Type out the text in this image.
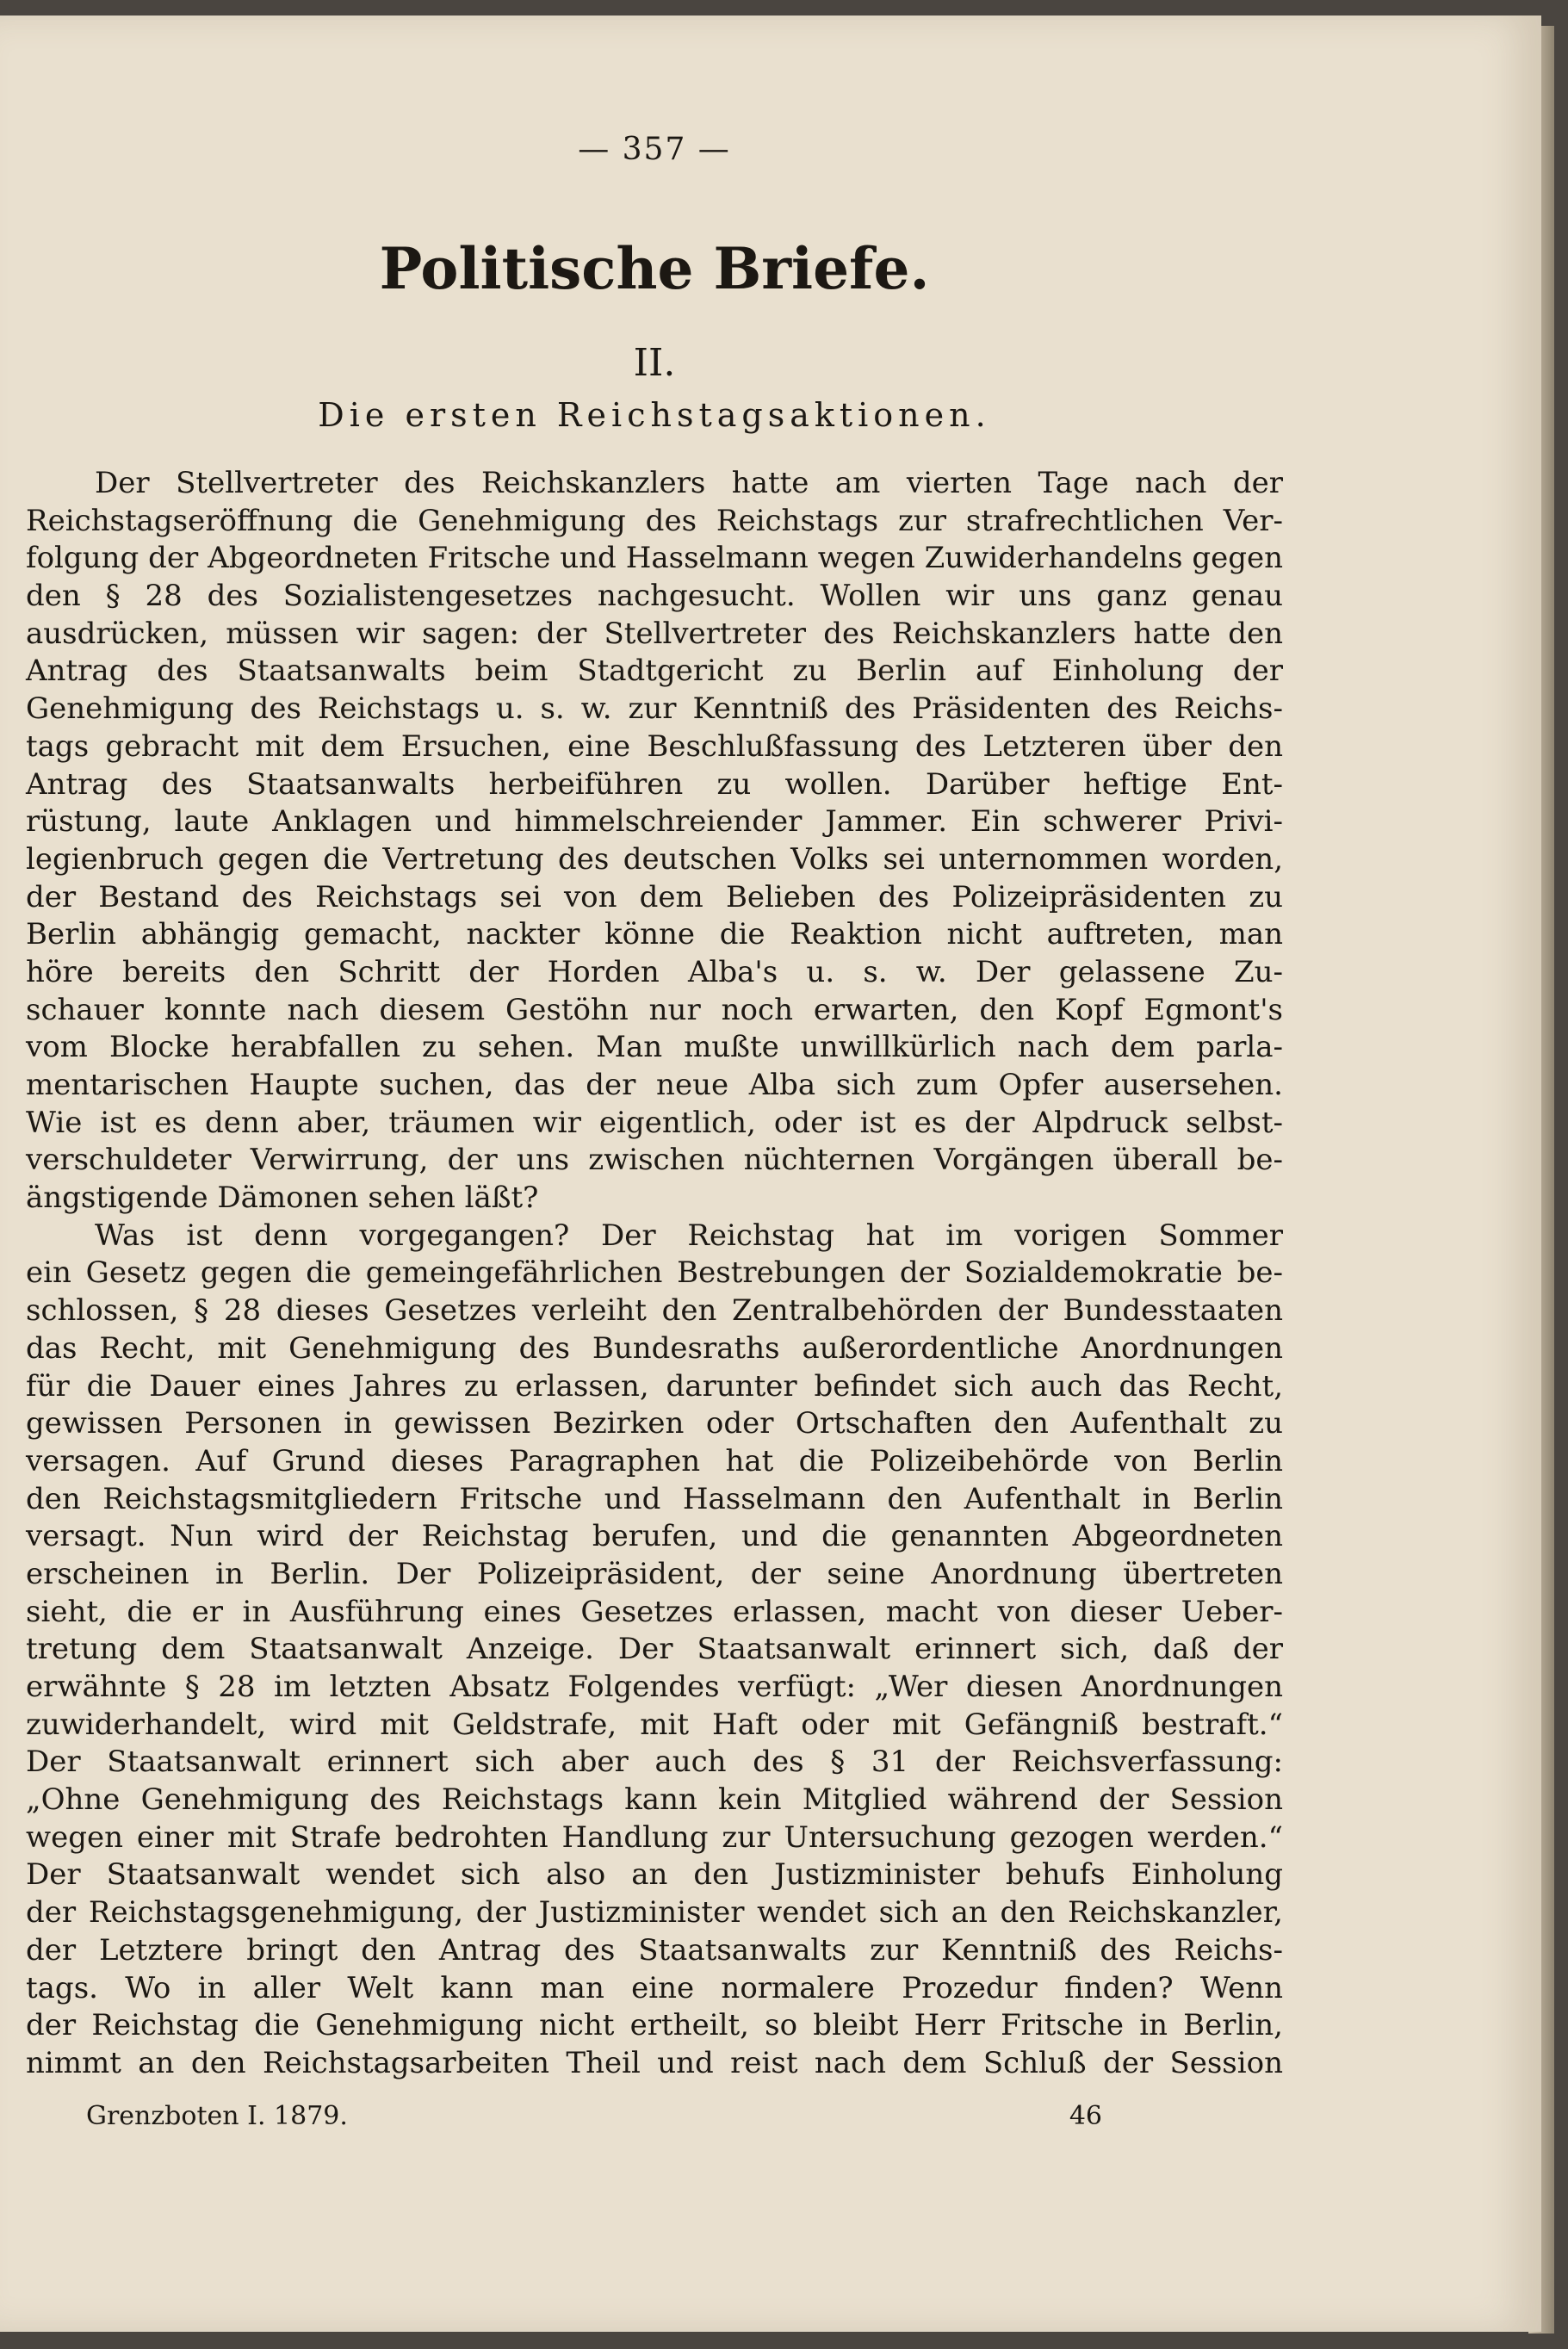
— 357 —
Politische Briefe.
II.
Die ersten Reichstagsaktionen.
Der Stellvertreter des Reichskanzlers hatte am vierten Tage nach der
Reichstagseröffnung die Genehmigung des Reichstags zur strafrechtlichen Ver-
folgung der Abgeordneten Fritsche und Hasselmann wegen Zuwiderhandelns gegen
den § 28 des Sozialistengesetzes nachgesucht. Wollen wir uns ganz genau
ausdrücken, müssen wir sagen: der Stellvertreter des Reichskanzlers hatte den
Antrag des Staatsanwalts beim Stadtgericht zu Berlin auf Einholung der
Genehmigung des Reichstags u. s. w. zur Kenntniß des Präsidenten des Reichs-
tags gebracht mit dem Ersuchen, eine Beschlußfassung des Letzteren über den
Antrag des Staatsanwalts herbeiführen zu wollen. Darüber heftige Ent-
rüstung, laute Anklagen und himmelschreiender Jammer. Ein schwerer Privi-
legienbruch gegen die Vertretung des deutschen Volks sei unternommen worden,
der Bestand des Reichstags sei von dem Belieben des Polizeipräsidenten zu
Berlin abhängig gemacht, nackter könne die Reaktion nicht auftreten, man
höre bereits den Schritt der Horden Alba's u. s. w. Der gelassene Zu-
schauer konnte nach diesem Gestöhn nur noch erwarten, den Kopf Egmont's
vom Blocke herabfallen zu sehen. Man mußte unwillkürlich nach dem parla-
mentarischen Haupte suchen, das der neue Alba sich zum Opfer ausersehen.
Wie ist es denn aber, träumen wir eigentlich, oder ist es der Alpdruck selbst-
verschuldeter Verwirrung, der uns zwischen nüchternen Vorgängen überall be-
ängstigende Dämonen sehen läßt?
Was ist denn vorgegangen? Der Reichstag hat im vorigen Sommer
ein Gesetz gegen die gemeingefährlichen Bestrebungen der Sozialdemokratie be-
schlossen, § 28 dieses Gesetzes verleiht den Zentralbehörden der Bundesstaaten
das Recht, mit Genehmigung des Bundesraths außerordentliche Anordnungen
für die Dauer eines Jahres zu erlassen, darunter befindet sich auch das Recht,
gewissen Personen in gewissen Bezirken oder Ortschaften den Aufenthalt zu
versagen. Auf Grund dieses Paragraphen hat die Polizeibehörde von Berlin
den Reichstagsmitgliedern Fritsche und Hasselmann den Aufenthalt in Berlin
versagt. Nun wird der Reichstag berufen, und die genannten Abgeordneten
erscheinen in Berlin. Der Polizeipräsident, der seine Anordnung übertreten
sieht, die er in Ausführung eines Gesetzes erlassen, macht von dieser Ueber-
tretung dem Staatsanwalt Anzeige. Der Staatsanwalt erinnert sich, daß der
erwähnte § 28 im letzten Absatz Folgendes verfügt: „Wer diesen Anordnungen
zuwiderhandelt, wird mit Geldstrafe, mit Haft oder mit Gefängniß bestraft.“
Der Staatsanwalt erinnert sich aber auch des § 31 der Reichsverfassung:
„Ohne Genehmigung des Reichstags kann kein Mitglied während der Session
wegen einer mit Strafe bedrohten Handlung zur Untersuchung gezogen werden.“
Der Staatsanwalt wendet sich also an den Justizminister behufs Einholung
der Reichstagsgenehmigung, der Justizminister wendet sich an den Reichskanzler,
der Letztere bringt den Antrag des Staatsanwalts zur Kenntniß des Reichs-
tags. Wo in aller Welt kann man eine normalere Prozedur finden? Wenn
der Reichstag die Genehmigung nicht ertheilt, so bleibt Herr Fritsche in Berlin,
nimmt an den Reichstagsarbeiten Theil und reist nach dem Schluß der Session
Grenzboten I. 1879.	46
